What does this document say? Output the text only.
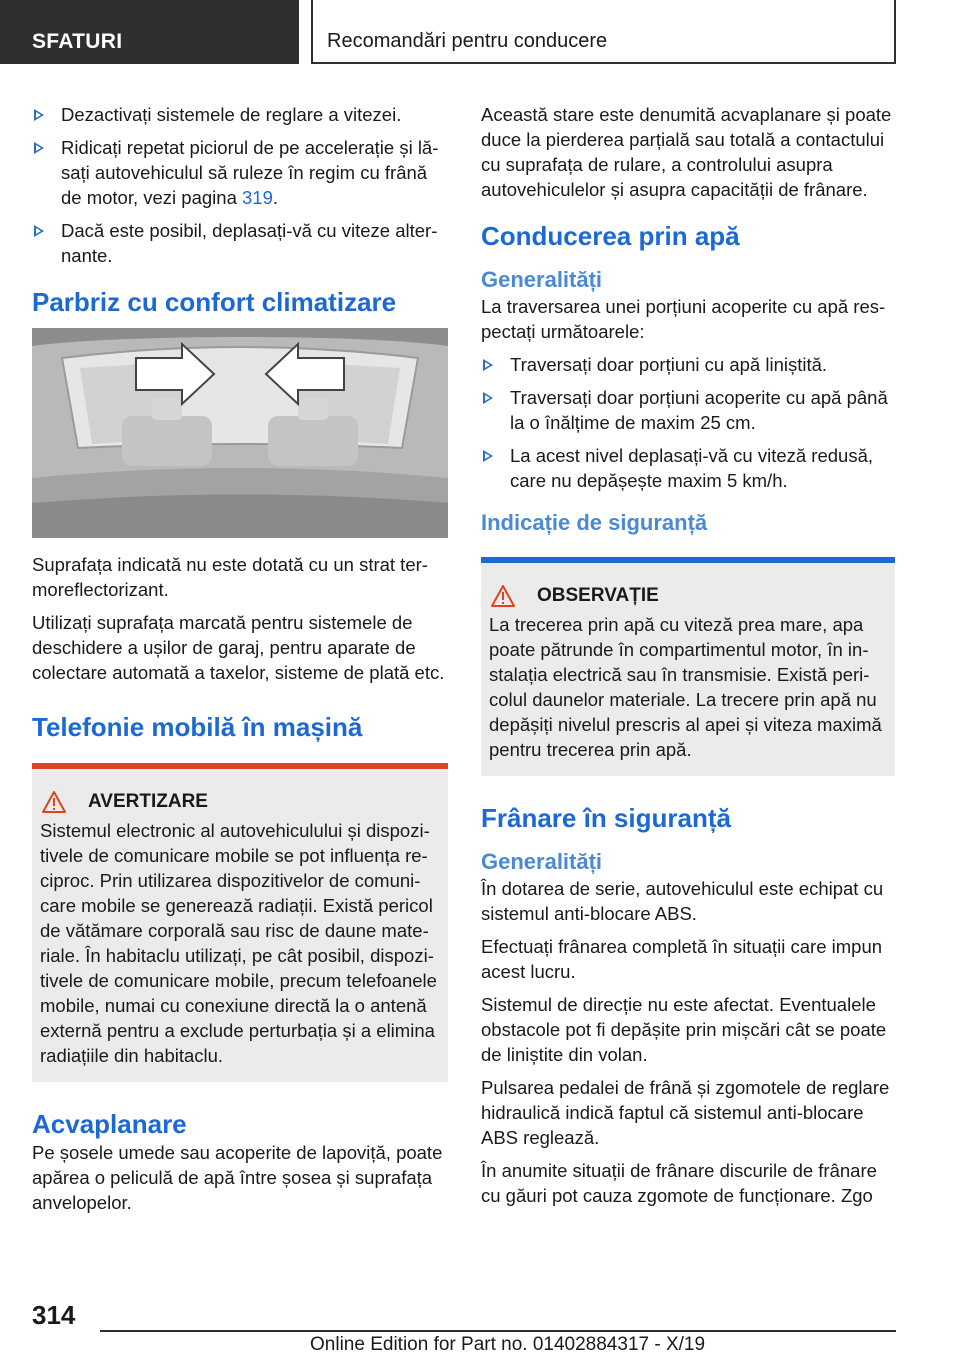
SFATURI	Recomandări pentru conducere
Dezactivați sistemele de reglare a vitezei.
Ridicați repetat piciorul de pe accelerație și lăsați autovehiculul să ruleze în regim cu frână de motor, vezi pagina 319.
Dacă este posibil, deplasați-vă cu viteze alternante.
Parbriz cu confort climatizare

Suprafața indicată nu este dotată cu un strat termoreflectorizant.

Utilizați suprafața marcată pentru sistemele de deschidere a ușilor de garaj, pentru aparate de colectare automată a taxelor, sisteme de plată etc.

Telefonie mobilă în mașină
AVERTIZARE

Sistemul electronic al autovehiculului și dispozitivele de comunicare mobile se pot influența reciproc. Prin utilizarea dispozitivelor de comunicare mobile se generează radiații. Există pericol de vătămare corporală sau risc de daune materiale. În habitaclu utilizați, pe cât posibil, dispozitivele de comunicare mobile, precum telefoanele mobile, numai cu conexiune directă la o antenă externă pentru a exclude perturbația și a elimina radiațiile din habitaclu.

Acvaplanare

Pe șosele umede sau acoperite de lapoviță, poate apărea o peliculă de apă între șosea și suprafața anvelopelor.

Această stare este denumită acvaplanare și poate duce la pierderea parțială sau totală a contactului cu suprafața de rulare, a controlului asupra autovehiculelor și asupra capacității de frânare.

Conducerea prin apă
Generalități

La traversarea unei porțiuni acoperite cu apă respectați următoarele:

Traversați doar porțiuni cu apă liniștită.
Traversați doar porțiuni acoperite cu apă până la o înălțime de maxim 25 cm.
La acest nivel deplasați-vă cu viteză redusă, care nu depășește maxim 5 km/h.
Indicație de siguranță
OBSERVAȚIE

La trecerea prin apă cu viteză prea mare, apa poate pătrunde în compartimentul motor, în instalația electrică sau în transmisie. Există pericolul daunelor materiale. La trecere prin apă nu depășiți nivelul prescris al apei și viteza maximă pentru trecerea prin apă.

Frânare în siguranță
Generalități

În dotarea de serie, autovehiculul este echipat cu sistemul anti-blocare ABS.

Efectuați frânarea completă în situații care impun acest lucru.

Sistemul de direcție nu este afectat. Eventualele obstacole pot fi depășite prin mișcări cât se poate de liniștite din volan.

Pulsarea pedalei de frână și zgomotele de reglare hidraulică indică faptul că sistemul anti-blocare ABS reglează.

În anumite situații de frânare discurile de frânare cu găuri pot cauza zgomote de funcționare. Zgo

314
Online Edition for Part no. 01402884317 - X/19
